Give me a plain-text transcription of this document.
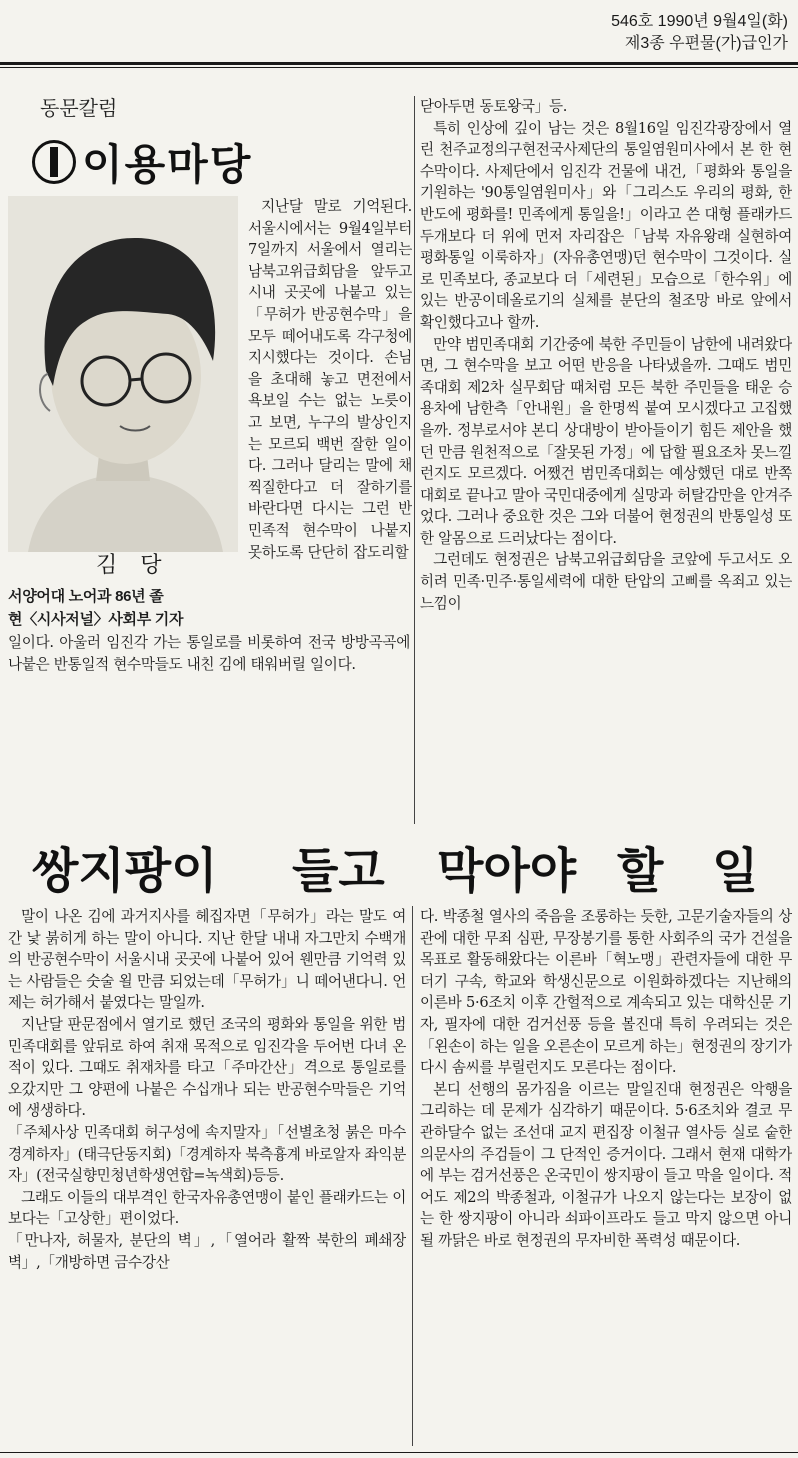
546호 1990년 9월4일(화)
제3종 우편물(가)급인가
동문칼럼
이용마당
김 당
서양어대 노어과 86년 졸
현〈시사저널〉사회부 기자

지난달 말로 기억된다. 서울시에서는 9월4일부터 7일까지 서울에서 열리는 남북고위급회담을 앞두고 시내 곳곳에 나붙고 있는「무허가 반공현수막」을 모두 떼어내도록 각구청에 지시했다는 것이다. 손님을 초대해 놓고 면전에서 욕보일 수는 없는 노릇이고 보면, 누구의 발상인지는 모르되 백번 잘한 일이다. 그러나 달리는 말에 채찍질한다고 더 잘하기를 바란다면 다시는 그런 반민족적 현수막이 나붙지 못하도록 단단히 잡도리할

일이다. 아울러 임진각 가는 통일로를 비롯하여 전국 방방곡곡에 나붙은 반통일적 현수막들도 내친 김에 태워버릴 일이다.

닫아두면 동토왕국」등.

특히 인상에 깊이 남는 것은 8월16일 임진각광장에서 열린 천주교정의구현전국사제단의 통일염원미사에서 본 한 현수막이다. 사제단에서 임진각 건물에 내건,「평화와 통일을 기원하는 '90통일염원미사」와「그리스도 우리의 평화, 한반도에 평화를! 민족에게 통일을!」이라고 쓴 대형 플래카드 두개보다 더 위에 먼저 자리잡은「남북 자유왕래 실현하여 평화통일 이룩하자」(자유총연맹)던 현수막이 그것이다. 실로 민족보다, 종교보다 더「세련된」모습으로「한수위」에 있는 반공이데올로기의 실체를 분단의 철조망 바로 앞에서 확인했다고나 할까.

만약 범민족대회 기간중에 북한 주민들이 남한에 내려왔다면, 그 현수막을 보고 어떤 반응을 나타냈을까. 그때도 범민족대회 제2차 실무회담 때처럼 모든 북한 주민들을 태운 승용차에 남한측「안내원」을 한명씩 붙여 모시겠다고 고집했을까. 정부로서야 본디 상대방이 받아들이기 힘든 제안을 했던 만큼 원천적으로「잘못된 가정」에 답할 필요조차 못느낄런지도 모르겠다. 어쨌건 범민족대회는 예상했던 대로 반쪽대회로 끝나고 말아 국민대중에게 실망과 허탈감만을 안겨주었다. 그러나 중요한 것은 그와 더불어 현정권의 반통일성 또한 알몸으로 드러났다는 점이다.

그런데도 현정권은 남북고위급회담을 코앞에 두고서도 오히려 민족·민주·통일세력에 대한 탄압의 고삐를 옥죄고 있는 느낌이

쌍지팡이 들고 막아야 할 일

말이 나온 김에 과거지사를 헤집자면「무허가」라는 말도 여간 낯 붉히게 하는 말이 아니다. 지난 한달 내내 자그만치 수백개의 반공현수막이 서울시내 곳곳에 나붙어 있어 웬만큼 기억력 있는 사람들은 숫술 욀 만큼 되었는데「무허가」니 떼어낸다니. 언제는 허가해서 붙였다는 말일까.

지난달 판문점에서 열기로 했던 조국의 평화와 통일을 위한 범민족대회를 앞뒤로 하여 취재 목적으로 임진각을 두어번 다녀 온 적이 있다. 그때도 취재차를 타고「주마간산」격으로 통일로를 오갔지만 그 양편에 나붙은 수십개나 되는 반공현수막들은 기억에 생생하다.

「주체사상 민족대회 허구성에 속지말자」「선별초청 붉은 마수 경계하자」(태극단동지회)「경계하자 북측흉계 바로알자 좌익분자」(전국실향민청년학생연합=녹색회)등등.

그래도 이들의 대부격인 한국자유총연맹이 붙인 플래카드는 이보다는「고상한」편이었다.

「만나자, 허물자, 분단의 벽」,「열어라 활짝 북한의 폐쇄장벽」,「개방하면 금수강산

다. 박종철 열사의 죽음을 조롱하는 듯한, 고문기술자들의 상관에 대한 무죄 심판, 무장봉기를 통한 사회주의 국가 건설을 목표로 활동해왔다는 이른바「혁노맹」관련자들에 대한 무더기 구속, 학교와 학생신문으로 이원화하겠다는 지난해의 이른바 5·6조치 이후 간헐적으로 계속되고 있는 대학신문 기자, 필자에 대한 검거선풍 등을 볼진대 특히 우려되는 것은「왼손이 하는 일을 오른손이 모르게 하는」현정권의 장기가 다시 솜씨를 부릴런지도 모른다는 점이다.

본디 선행의 몸가짐을 이르는 말일진대 현정권은 악행을 그리하는 데 문제가 심각하기 때문이다. 5·6조치와 결코 무관하달수 없는 조선대 교지 편집장 이철규 열사등 실로 숱한 의문사의 주검들이 그 단적인 증거이다. 그래서 현재 대학가에 부는 검거선풍은 온국민이 쌍지팡이 들고 막을 일이다. 적어도 제2의 박종철과, 이철규가 나오지 않는다는 보장이 없는 한 쌍지팡이 아니라 쇠파이프라도 들고 막지 않으면 아니될 까닭은 바로 현정권의 무자비한 폭력성 때문이다.
